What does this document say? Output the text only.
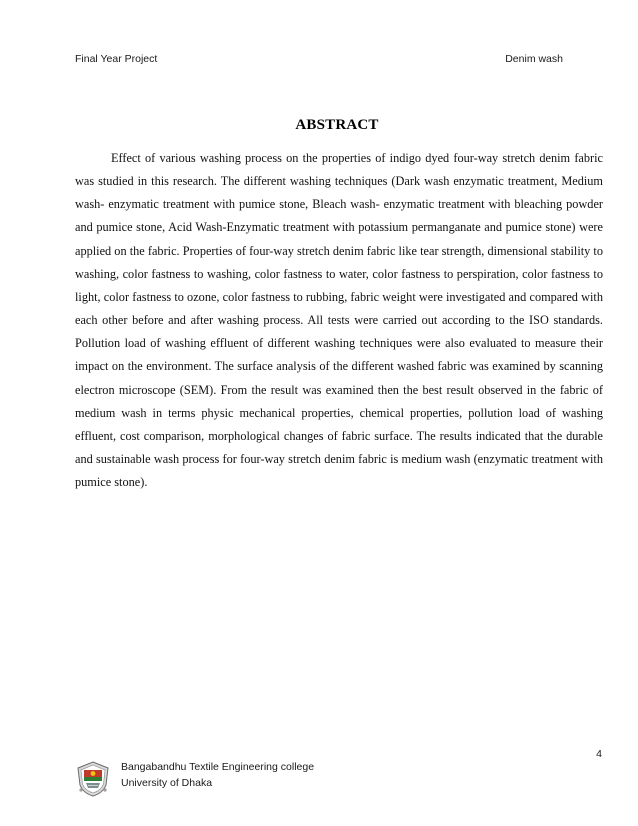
Final Year Project	Denim wash
ABSTRACT

Effect of various washing process on the properties of indigo dyed four-way stretch denim fabric was studied in this research. The different washing techniques (Dark wash enzymatic treatment, Medium wash- enzymatic treatment with pumice stone, Bleach wash- enzymatic treatment with bleaching powder and pumice stone, Acid Wash-Enzymatic treatment with potassium permanganate and pumice stone) were applied on the fabric. Properties of four-way stretch denim fabric like tear strength, dimensional stability to washing, color fastness to washing, color fastness to water, color fastness to perspiration, color fastness to light, color fastness to ozone, color fastness to rubbing, fabric weight were investigated and compared with each other before and after washing process. All tests were carried out according to the ISO standards. Pollution load of washing effluent of different washing techniques were also evaluated to measure their impact on the environment. The surface analysis of the different washed fabric was examined by scanning electron microscope (SEM). From the result was examined then the best result observed in the fabric of medium wash in terms physic mechanical properties, chemical properties, pollution load of washing effluent, cost comparison, morphological changes of fabric surface. The results indicated that the durable and sustainable wash process for four-way stretch denim fabric is medium wash (enzymatic treatment with pumice stone).

4
Bangabandhu Textile Engineering college
University of Dhaka
